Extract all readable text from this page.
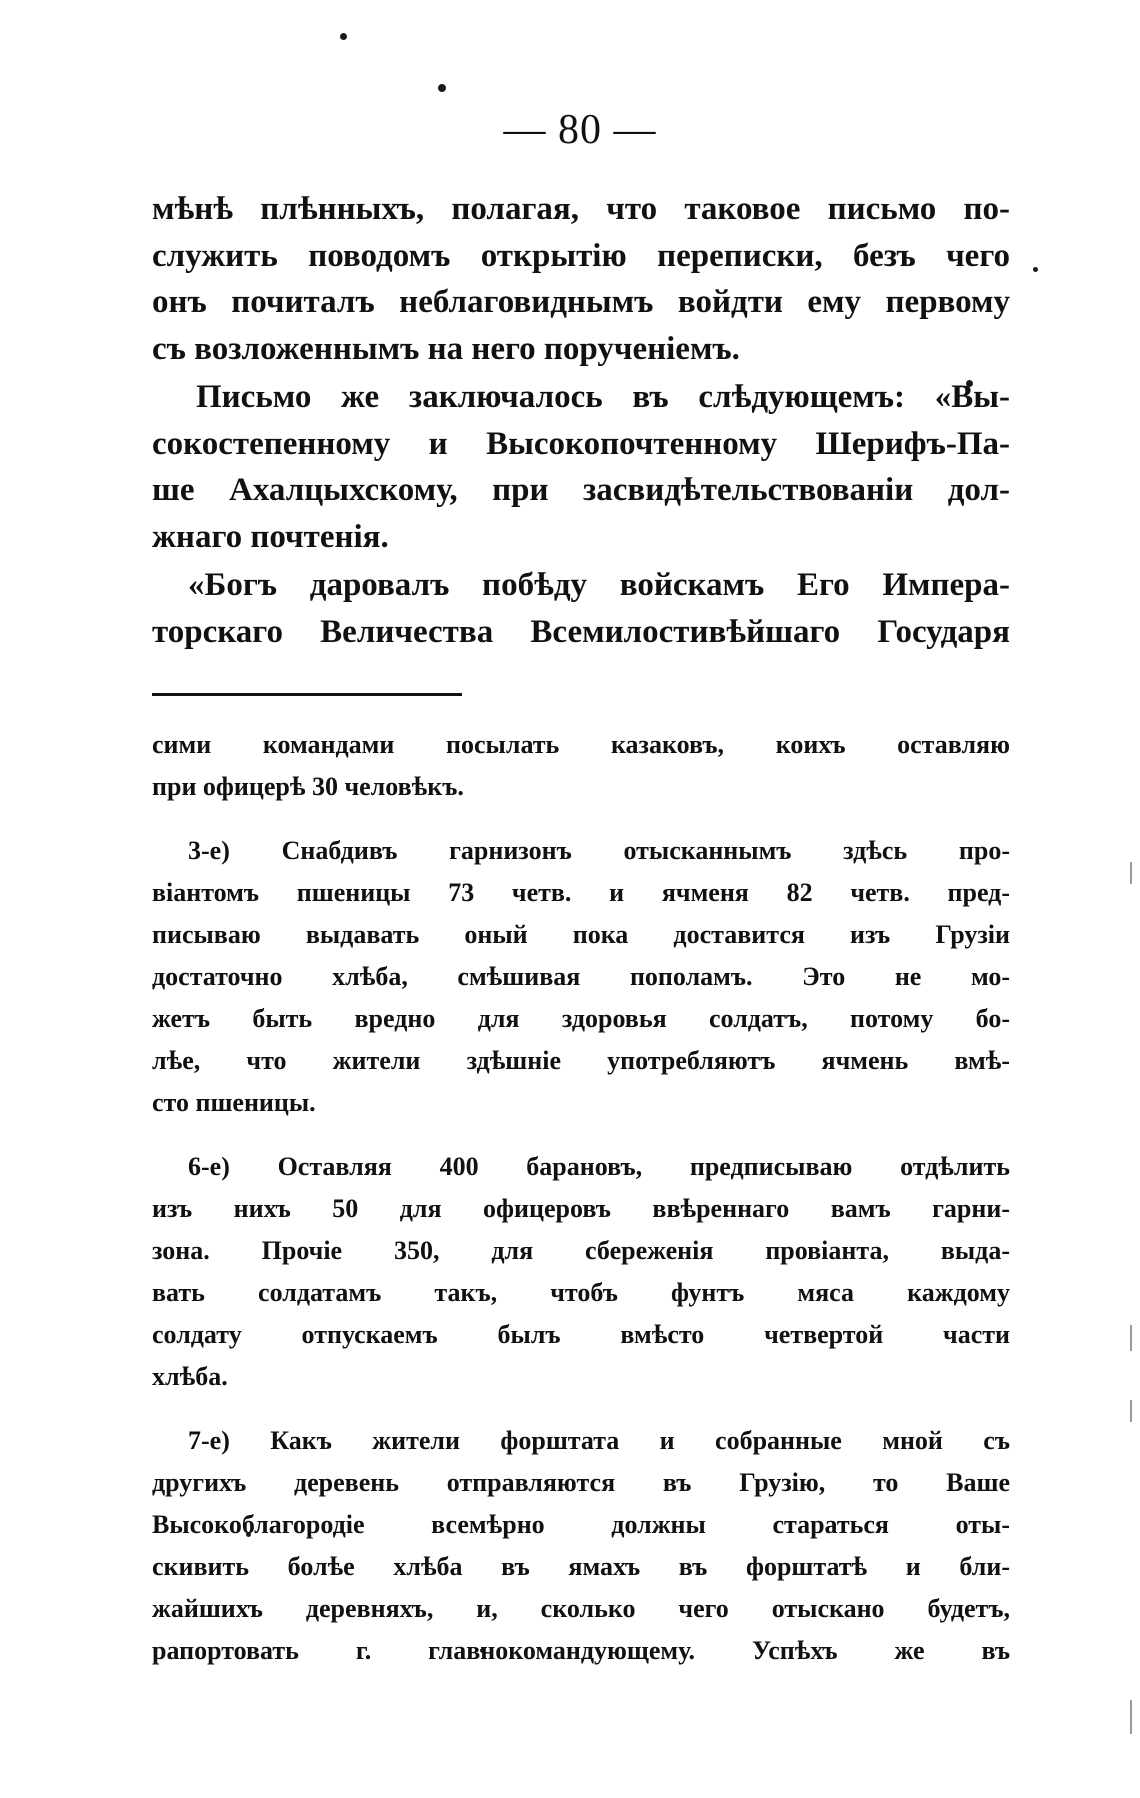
— 80 —
мѣнѣ плѣнныхъ, полагая, что таковое письмо по-
служить поводомъ открытію переписки, безъ чего
онъ почиталъ неблаговиднымъ войдти ему первому
съ возложеннымъ на него порученіемъ.
Письмо же заключалось въ слѣдующемъ: «Вы-
сокостепенному и Высокопочтенному Шерифъ-Па-
ше Ахалцыхскому, при засвидѣтельствованіи дол-
жнаго почтенія.
«Богъ даровалъ побѣду войскамъ Его Импера-
торскаго Величества Всемилостивѣйшаго Государя
сими командами посылать казаковъ, коихъ оставляю
при офицерѣ 30 человѣкъ.
3-е) Снабдивъ гарнизонъ отысканнымъ здѣсь про-
віантомъ пшеницы 73 четв. и ячменя 82 четв. пред-
писываю выдавать оный пока доставится изъ Грузіи
достаточно хлѣба, смѣшивая пополамъ. Это не мо-
жетъ быть вредно для здоровья солдатъ, потому бо-
лѣе, что жители здѣшніе употребляютъ ячмень вмѣ-
сто пшеницы.
6-е) Оставляя 400 барановъ, предписываю отдѣлить
изъ нихъ 50 для офицеровъ ввѣреннаго вамъ гарни-
зона. Прочіе 350, для сбереженія провіанта, выда-
вать солдатамъ такъ, чтобъ фунтъ мяса каждому
солдату отпускаемъ былъ вмѣсто четвертой части
хлѣба.
7-е) Какъ жители форштата и собранные мной съ
другихъ деревень отправляются въ Грузію, то Ваше
Высокоблагородіе всемѣрно должны стараться оты-
скивить болѣе хлѣба въ ямахъ въ форштатѣ и бли-
жайшихъ деревняхъ, и, сколько чего отыскано будетъ,
рапортовать г. главнокомандующему. Успѣхъ же въ
